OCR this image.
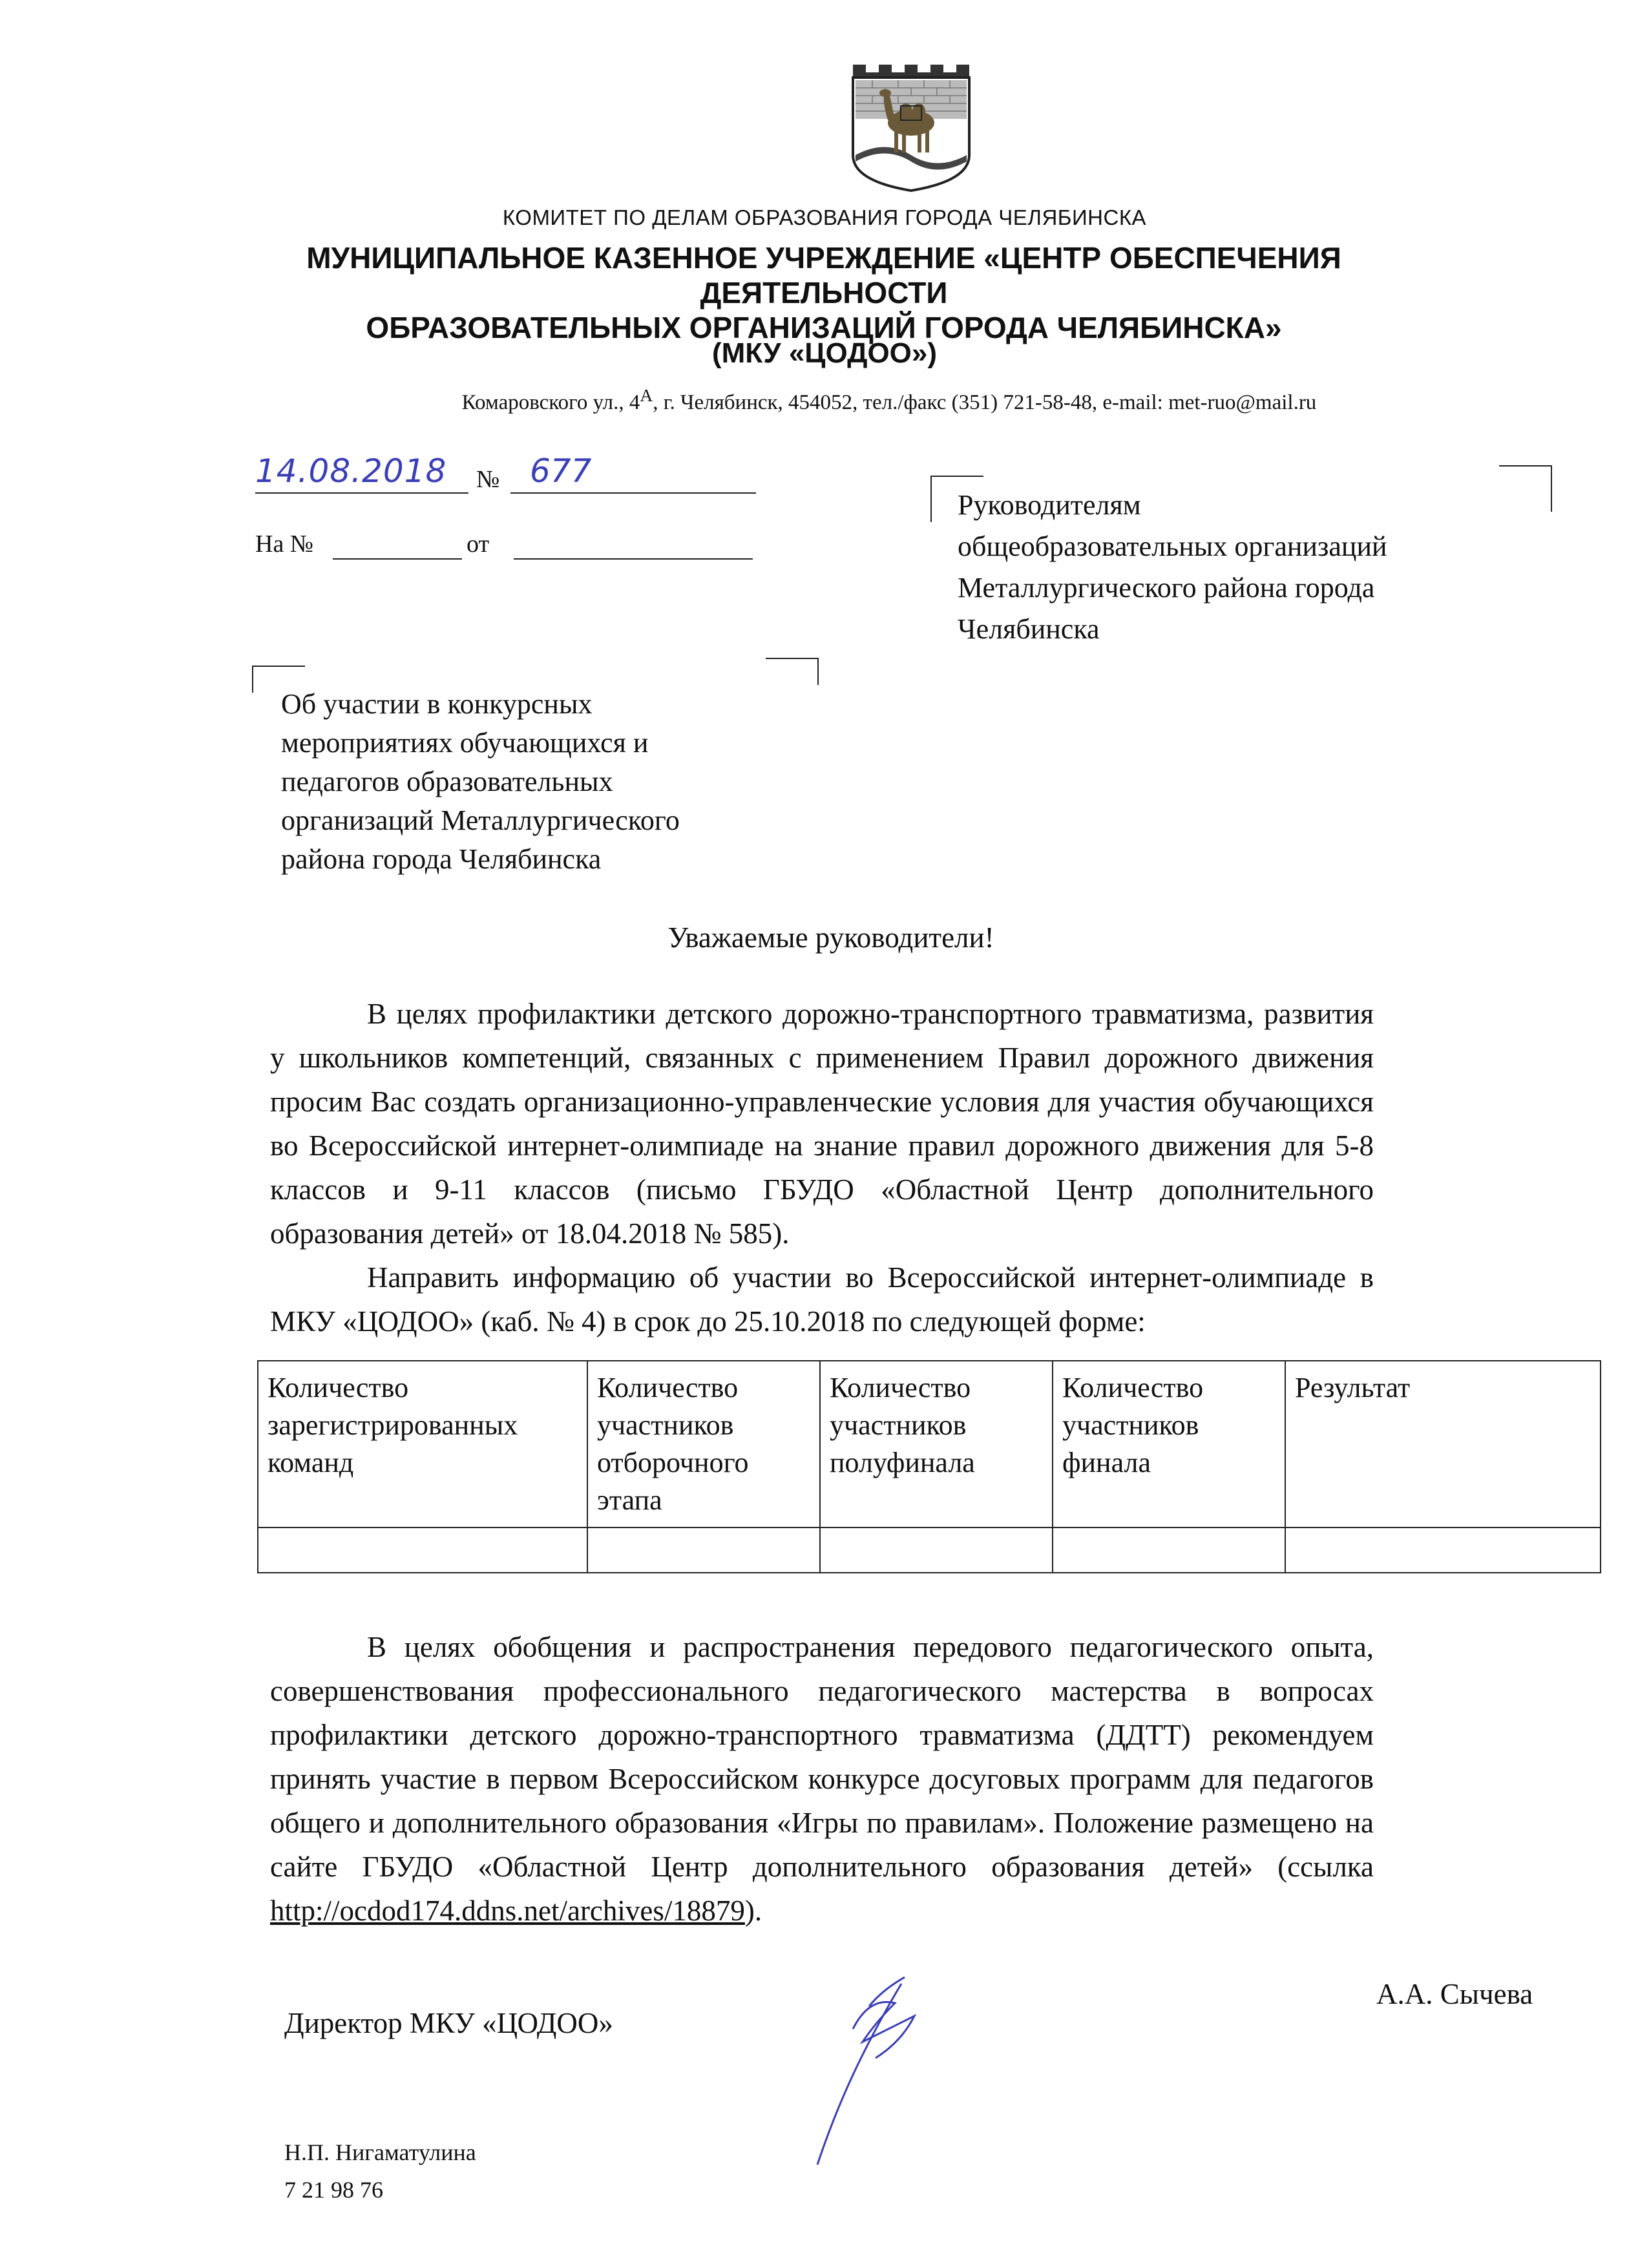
КОМИТЕТ ПО ДЕЛАМ ОБРАЗОВАНИЯ ГОРОДА ЧЕЛЯБИНСКА
МУНИЦИПАЛЬНОЕ КАЗЕННОЕ УЧРЕЖДЕНИЕ «ЦЕНТР ОБЕСПЕЧЕНИЯ ДЕЯТЕЛЬНОСТИ
ОБРАЗОВАТЕЛЬНЫХ ОРГАНИЗАЦИЙ ГОРОДА ЧЕЛЯБИНСКА»
(МКУ «ЦОДОО»)
Комаровского ул., $4^А$, г. Челябинск, 454052, тел./факс (351) 721-58-48, e-mail: met-ruo@mail.ru
14.08.2018 № 677
На №	от
Руководителям
общеобразовательных организаций
Металлургического района города
Челябинска
Об участии в конкурсных
мероприятиях обучающихся и
педагогов образовательных
организаций Металлургического
района города Челябинска
Уважаемые руководители!

В целях профилактики детского дорожно-транспортного травматизма, развития у школьников компетенций, связанных с применением Правил дорожного движения просим Вас создать организационно-управленческие условия для участия обучающихся во Всероссийской интернет-олимпиаде на знание правил дорожного движения для 5-8 классов и 9-11 классов (письмо ГБУДО «Областной Центр дополнительного образования детей» от 18.04.2018 № 585).

Направить информацию об участии во Всероссийской интернет-олимпиаде в МКУ «ЦОДОО» (каб. № 4) в срок до 25.10.2018 по следующей форме:

Количество зарегистрированных команд	Количество участников отборочного этапа	Количество участников полуфинала	Количество участников финала	Результат

В целях обобщения и распространения передового педагогического опыта, совершенствования профессионального педагогического мастерства в вопросах профилактики детского дорожно-транспортного травматизма (ДДТТ) рекомендуем принять участие в первом Всероссийском конкурсе досуговых программ для педагогов общего и дополнительного образования «Игры по правилам». Положение размещено на сайте ГБУДО «Областной Центр дополнительного образования детей» (ссылка http://ocdod174.ddns.net/archives/18879).

Директор МКУ «ЦОДОО»
А.А. Сычева
Н.П. Нигаматулина
7 21 98 76
